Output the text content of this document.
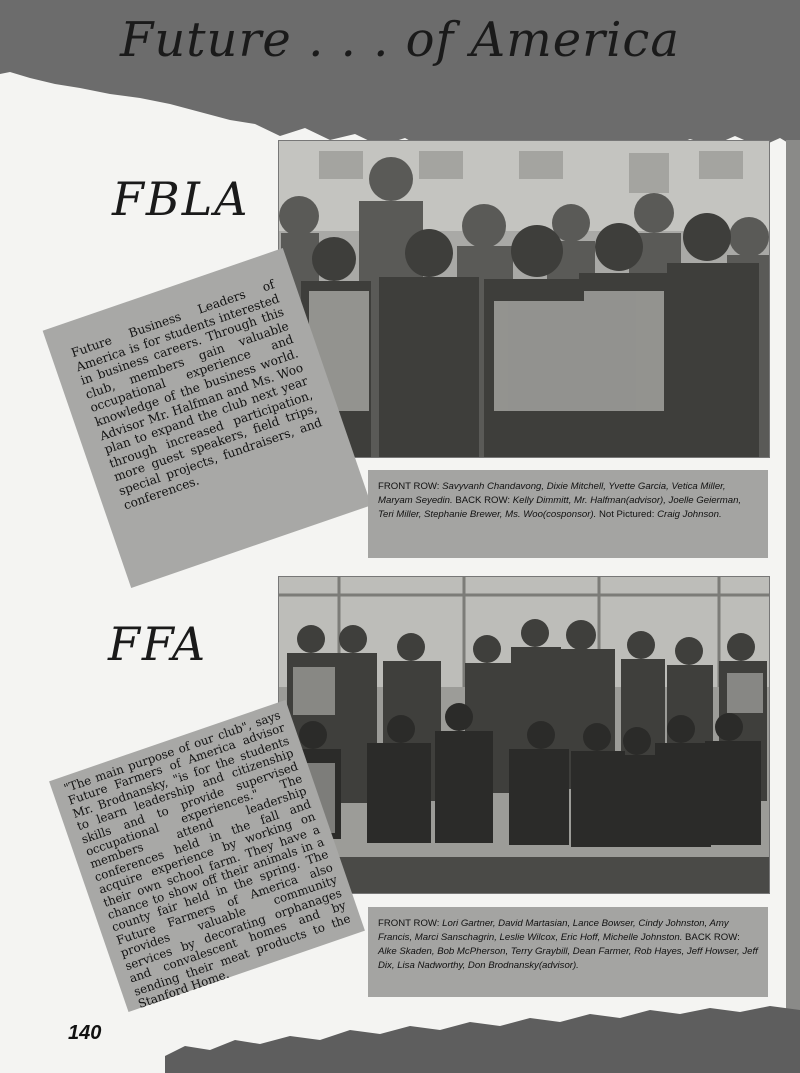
Future . . . of America
FBLA
Future Business Leaders of America is for students interested in business careers. Through this club, members gain valuable occupational experience and knowledge of the business world. Advisor Mr. Halfman and Ms. Woo plan to expand the club next year through increased participation, more guest speakers, field trips, special projects, fundraisers, and conferences.	FRONT ROW: Savyvanh Chandavong, Dixie Mitchell, Yvette Garcia, Vetica Miller, Maryam Seyedin. BACK ROW: Kelly Dimmitt, Mr. Halfman(advisor), Joelle Geierman, Teri Miller, Stephanie Brewer, Ms. Woo(cosponsor). Not Pictured: Craig Johnson.
FFA
"The main purpose of our club", says Future Farmers of America advisor Mr. Brodnansky, "is for the students to learn leadership and citizenship skills and to provide supervised occupational experiences." The members attend leadership conferences held in the fall and acquire experience by working on their own school farm. They have a chance to show off their animals in a county fair held in the spring. The Future Farmers of America also provides valuable community services by decorating orphanages and convalescent homes and by sending their meat products to the Stanford Home.
FRONT ROW: Lori Gartner, David Martasian, Lance Bowser, Cindy Johnston, Amy Francis, Marci Sanschagrin, Leslie Wilcox, Eric Hoff, Michelle Johnston. BACK ROW: Alke Skaden, Bob McPherson, Terry Graybill, Dean Farmer, Rob Hayes, Jeff Howser, Jeff Dix, Lisa Nadworthy, Don Brodnansky(advisor).
140
